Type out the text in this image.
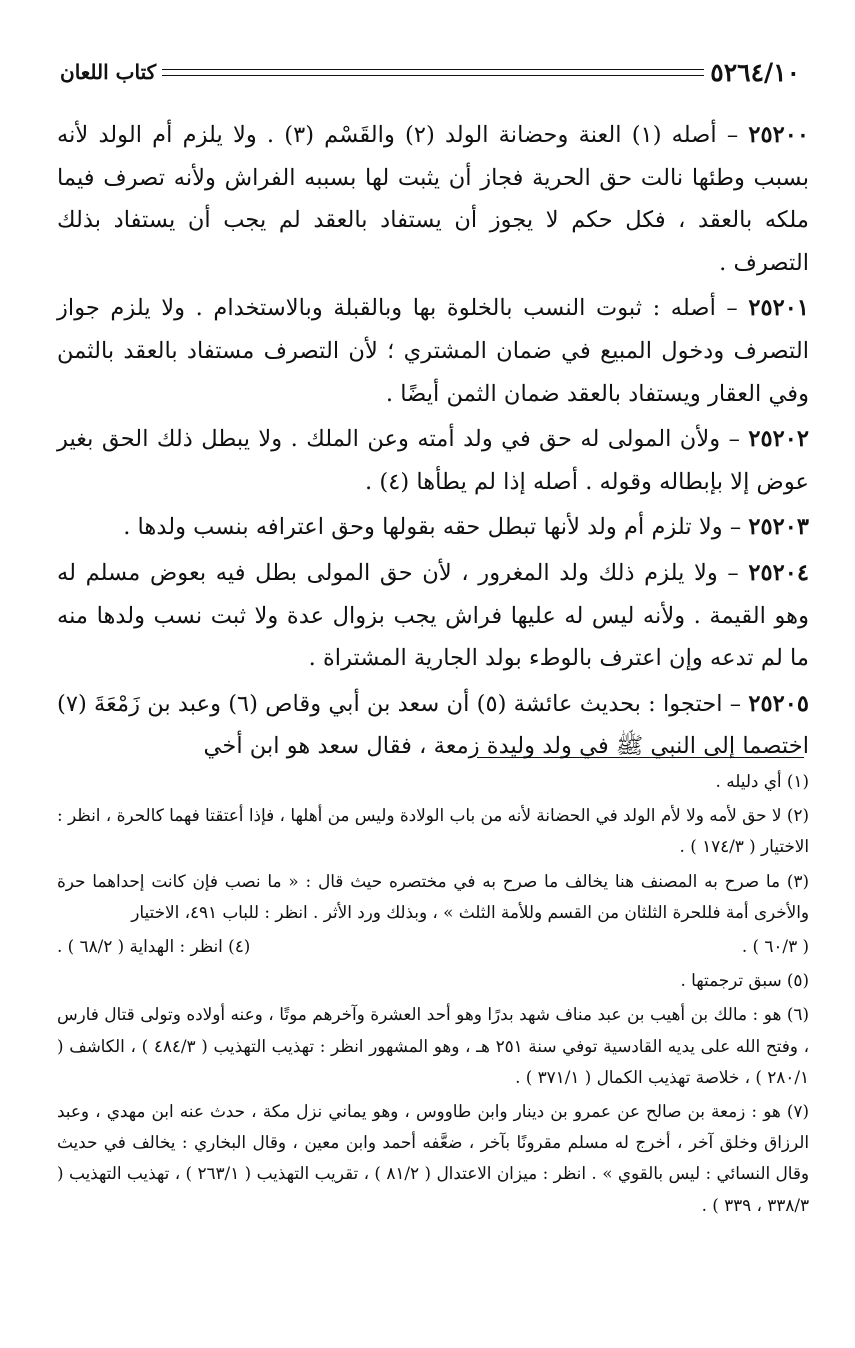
كتاب اللعان	٥٢٦٤/١٠

٢٥٢٠٠ – أصله (١) العنة وحضانة الولد (٢) والقَسْم (٣) . ولا يلزم أم الولد لأنه بسبب وطئها نالت حق الحرية فجاز أن يثبت لها بسببه الفراش ولأنه تصرف فيما ملكه بالعقد ، فكل حكم لا يجوز أن يستفاد بالعقد لم يجب أن يستفاد بذلك التصرف .

٢٥٢٠١ – أصله : ثبوت النسب بالخلوة بها وبالقبلة وبالاستخدام . ولا يلزم جواز التصرف ودخول المبيع في ضمان المشتري ؛ لأن التصرف مستفاد بالعقد بالثمن وفي العقار ويستفاد بالعقد ضمان الثمن أيضًا .

٢٥٢٠٢ – ولأن المولى له حق في ولد أمته وعن الملك . ولا يبطل ذلك الحق بغير عوض إلا بإبطاله وقوله . أصله إذا لم يطأها (٤) .

٢٥٢٠٣ – ولا تلزم أم ولد لأنها تبطل حقه بقولها وحق اعترافه بنسب ولدها .

٢٥٢٠٤ – ولا يلزم ذلك ولد المغرور ، لأن حق المولى بطل فيه بعوض مسلم له وهو القيمة . ولأنه ليس له عليها فراش يجب بزوال عدة ولا ثبت نسب ولدها منه ما لم تدعه وإن اعترف بالوطء بولد الجارية المشتراة .

٢٥٢٠٥ – احتجوا : بحديث عائشة (٥) أن سعد بن أبي وقاص (٦) وعبد بن زَمْعَةَ (٧) اختصما إلى النبي ﷺ في ولد وليدة زمعة ، فقال سعد هو ابن أخي

(١) أي دليله .

(٢) لا حق لأمه ولا لأم الولد في الحضانة لأنه من باب الولادة وليس من أهلها ، فإذا أعتقتا فهما كالحرة ، انظر : الاختيار ( ١٧٤/٣ ) .

(٣) ما صرح به المصنف هنا يخالف ما صرح به في مختصره حيث قال : « ما نصب فإن كانت إحداهما حرة والأخرى أمة فللحرة الثلثان من القسم وللأمة الثلث » ، وبذلك ورد الأثر . انظر : للباب ٤٩١، الاختيار

( ٦٠/٣ ) .
(٤) انظر : الهداية ( ٦٨/٢ ) .

(٥) سبق ترجمتها .

(٦) هو : مالك بن أهيب بن عبد مناف شهد بدرًا وهو أحد العشرة وآخرهم موتًا ، وعنه أولاده وتولى قتال فارس ، وفتح الله على يديه القادسية توفي سنة ٢٥١ هـ ، وهو المشهور انظر : تهذيب التهذيب ( ٤٨٤/٣ ) ، الكاشف ( ٢٨٠/١ ) ، خلاصة تهذيب الكمال ( ٣٧١/١ ) .

(٧) هو : زمعة بن صالح عن عمرو بن دينار وابن طاووس ، وهو يماني نزل مكة ، حدث عنه ابن مهدي ، وعبد الرزاق وخلق آخر ، أخرج له مسلم مقرونًا بآخر ، ضعَّفه أحمد وابن معين ، وقال البخاري : يخالف في حديث وقال النسائي : ليس بالقوي » . انظر : ميزان الاعتدال ( ٨١/٢ ) ، تقريب التهذيب ( ٢٦٣/١ ) ، تهذيب التهذيب ( ٣٣٨/٣ ، ٣٣٩ ) .
